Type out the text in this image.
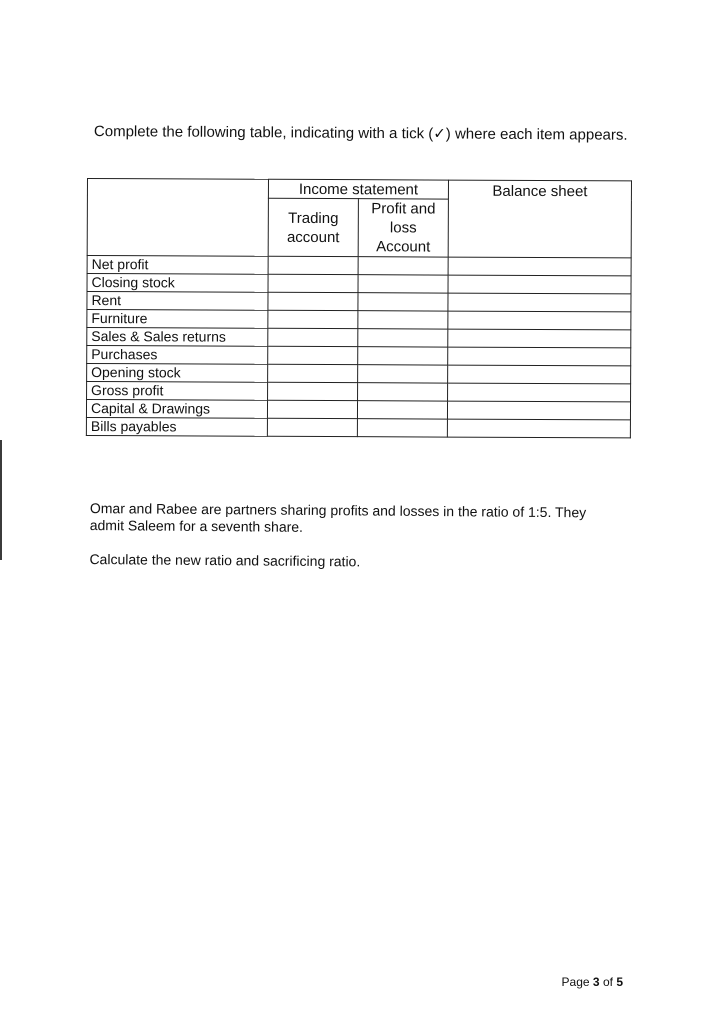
Complete the following table, indicating with a tick (✓) where each item appears.
	Income statement		Balance sheet
	Trading account	Profit and loss Account	
Net profit			
Closing stock			
Rent			
Furniture			
Sales & Sales returns			
Purchases			
Opening stock			
Gross profit			
Capital & Drawings			
Bills payables			

Omar and Rabee are partners sharing profits and losses in the ratio of 1:5. They admit Saleem for a seventh share.

Calculate the new ratio and sacrificing ratio.

Page 3 of 5
